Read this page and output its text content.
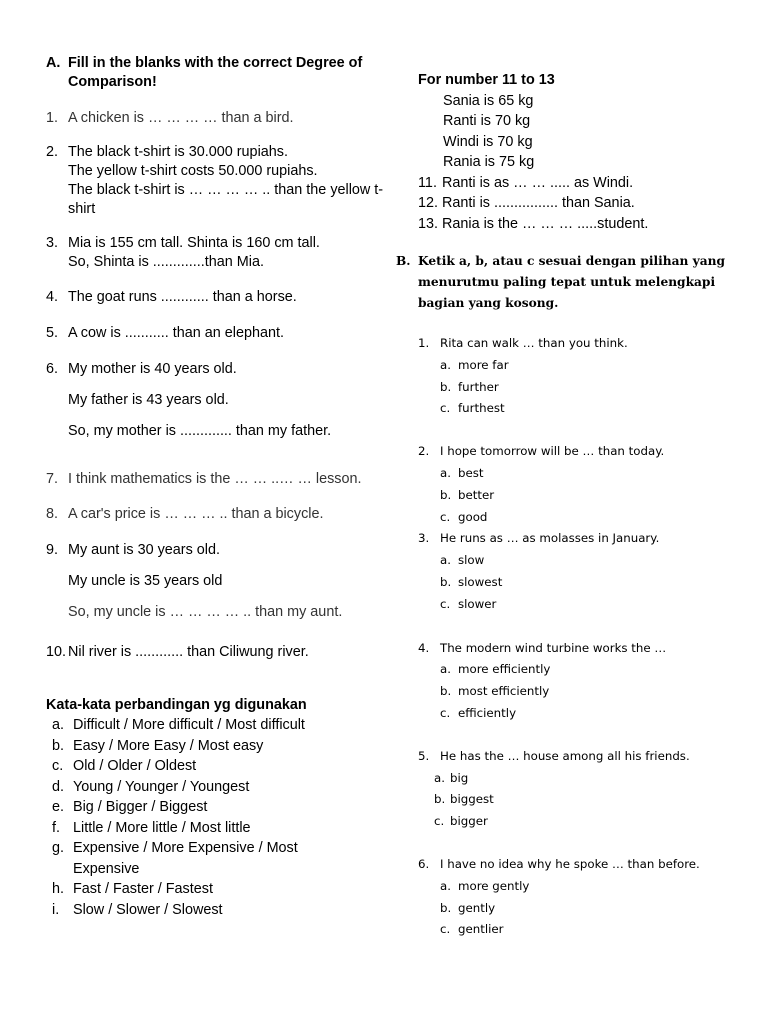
A. Fill in the blanks with the correct Degree of Comparison!
1. A chicken is … … … … than a bird.

2. The black t-shirt is 30.000 rupiahs.

The yellow t-shirt costs 50.000 rupiahs.

The black t-shirt is … … … … .. than the yellow t-shirt

3. Mia is 155 cm tall. Shinta is 160 cm tall.

So, Shinta is .............than Mia.

4. The goat runs ............ than a horse.

5. A cow is ........... than an elephant.

6. My mother is 40 years old.

My father is 43 years old.

So, my mother is ............. than my father.

7. I think mathematics is the … … ..… … lesson.

8. A car's price is … … … .. than a bicycle.

9. My aunt is 30 years old.

My uncle is 35 years old

So, my uncle is … … … … .. than my aunt.

10. Nil river is ............ than Ciliwung river.

Kata-kata perbandingan yg digunakan
a. Difficult / More difficult / Most difficult
b. Easy / More Easy / Most easy
c. Old / Older / Oldest
d. Young / Younger / Youngest
e. Big / Bigger / Biggest
f. Little / More little / Most little
g. Expensive / More Expensive / Most Expensive
h. Fast / Faster / Fastest
i. Slow / Slower / Slowest
For number 11 to 13
Sania is 65 kg
Ranti is 70 kg
Windi is 70 kg
Rania is 75 kg
11. Ranti is as … … ..... as Windi.
12. Ranti is ................ than Sania.
13. Rania is the … … … .....student.
B. Ketik a, b, atau c sesuai dengan pilihan yang menurutmu paling tepat untuk melengkapi bagian yang kosong.
1. Rita can walk … than you think.
a. more far
b. further
c. furthest
2. I hope tomorrow will be … than today.
a. best
b. better
c. good
3. He runs as … as molasses in January.
a. slow
b. slowest
c. slower
4. The modern wind turbine works the …
a. more efficiently
b. most efficiently
c. efficiently
5. He has the … house among all his friends.
a. big
b. biggest
c. bigger
6. I have no idea why he spoke … than before.
a. more gently
b. gently
c. gentlier
